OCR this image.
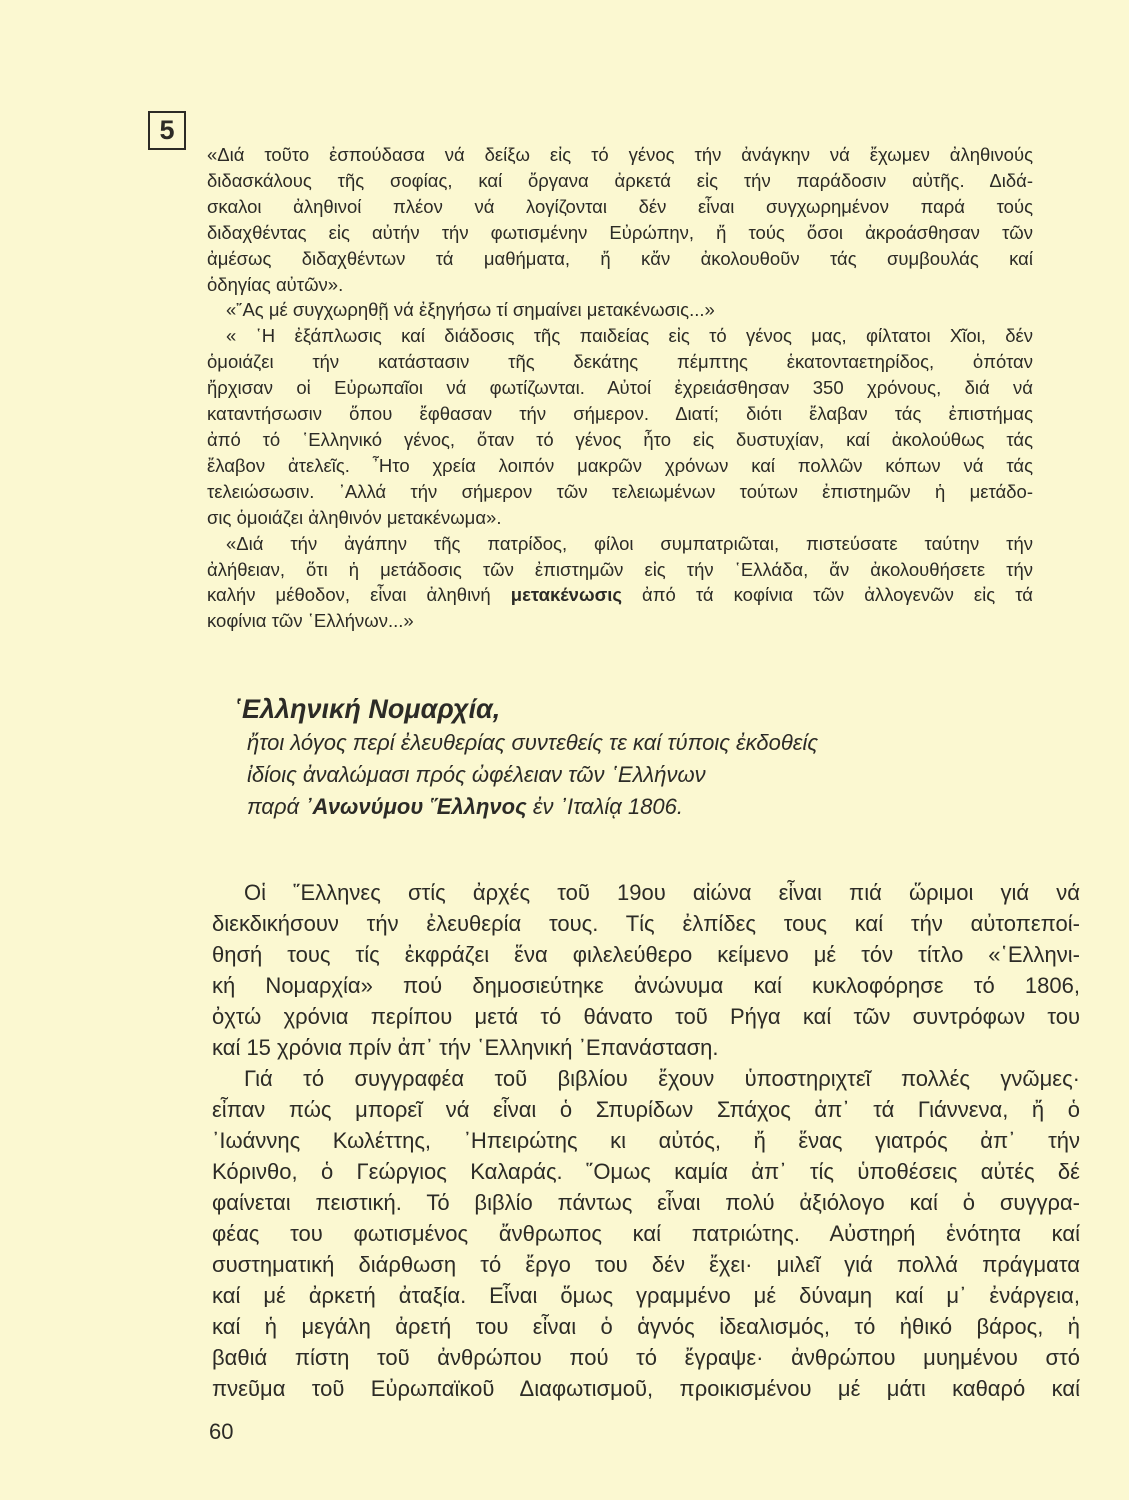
5
«Διά τοῦτο ἐσπούδασα νά δείξω εἰς τό γένος τήν ἀνάγκην νά ἔχωμεν ἀληθινούς
διδασκάλους τῆς σοφίας, καί ὄργανα ἀρκετά εἰς τήν παράδοσιν αὐτῆς. Διδά-
σκαλοι ἀληθινοί πλέον νά λογίζονται δέν εἶναι συγχωρημένον παρά τούς
διδαχθέντας εἰς αὐτήν τήν φωτισμένην Εὐρώπην, ἤ τούς ὅσοι ἀκροάσθησαν τῶν
ἀμέσως διδαχθέντων τά μαθήματα, ἤ κἄν ἀκολουθοῦν τάς συμβουλάς καί
ὁδηγίας αὐτῶν».
«῎Ας μέ συγχωρηθῇ νά ἐξηγήσω τί σημαίνει μετακένωσις...»
« ῾Η ἐξάπλωσις καί διάδοσις τῆς παιδείας εἰς τό γένος μας, φίλτατοι Χῖοι, δέν
ὁμοιάζει τήν κατάστασιν τῆς δεκάτης πέμπτης ἑκατονταετηρίδος, ὁπόταν
ἤρχισαν οἱ Εὐρωπαῖοι νά φωτίζωνται. Αὐτοί ἐχρειάσθησαν 350 χρόνους, διά νά
καταντήσωσιν ὅπου ἔφθασαν τήν σήμερον. Διατί; διότι ἔλαβαν τάς ἐπιστήμας
ἀπό τό ῾Ελληνικό γένος, ὅταν τό γένος ἦτο εἰς δυστυχίαν, καί ἀκολούθως τάς
ἔλαβον ἀτελεῖς. ῏Ητο χρεία λοιπόν μακρῶν χρόνων καί πολλῶν κόπων νά τάς
τελειώσωσιν. ᾽Αλλά τήν σήμερον τῶν τελειωμένων τούτων ἐπιστημῶν ἡ μετάδο-
σις ὁμοιάζει ἀληθινόν μετακένωμα».
«Διά τήν ἀγάπην τῆς πατρίδος, φίλοι συμπατριῶται, πιστεύσατε ταύτην τήν
ἀλήθειαν, ὅτι ἡ μετάδοσις τῶν ἐπιστημῶν εἰς τήν ῾Ελλάδα, ἄν ἀκολουθήσετε τήν
καλήν μέθοδον, εἶναι ἀληθινή μετακένωσις ἀπό τά κοφίνια τῶν ἀλλογενῶν εἰς τά
κοφίνια τῶν ῾Ελλήνων...»
῾Ελληνική Νομαρχία,
ἤτοι λόγος περί ἐλευθερίας συντεθείς τε καί τύποις ἐκδοθείς
ἰδίοις ἀναλώμασι πρός ὠφέλειαν τῶν ῾Ελλήνων
παρά ᾽Ανωνύμου ῞Ελληνος ἐν ᾽Ιταλίᾳ 1806.
Οἱ ῞Ελληνες στίς ἀρχές τοῦ 19ου αἰώνα εἶναι πιά ὥριμοι γιά νά
διεκδικήσουν τήν ἐλευθερία τους. Τίς ἐλπίδες τους καί τήν αὐτοπεποί-
θησή τους τίς ἐκφράζει ἕνα φιλελεύθερο κείμενο μέ τόν τίτλο «῾Ελληνι-
κή Νομαρχία» πού δημοσιεύτηκε ἀνώνυμα καί κυκλοφόρησε τό 1806,
ὀχτώ χρόνια περίπου μετά τό θάνατο τοῦ Ρήγα καί τῶν συντρόφων του
καί 15 χρόνια πρίν ἀπ᾽ τήν ῾Ελληνική ᾽Επανάσταση.
Γιά τό συγγραφέα τοῦ βιβλίου ἔχουν ὑποστηριχτεῖ πολλές γνῶμες·
εἶπαν πώς μπορεῖ νά εἶναι ὁ Σπυρίδων Σπάχος ἀπ᾽ τά Γιάννενα, ἤ ὁ
᾽Ιωάννης Κωλέττης, ᾽Ηπειρώτης κι αὐτός, ἤ ἕνας γιατρός ἀπ᾽ τήν
Κόρινθο, ὁ Γεώργιος Καλαράς. ῞Ομως καμία ἀπ᾽ τίς ὑποθέσεις αὐτές δέ
φαίνεται πειστική. Τό βιβλίο πάντως εἶναι πολύ ἀξιόλογο καί ὁ συγγρα-
φέας του φωτισμένος ἄνθρωπος καί πατριώτης. Αὐστηρή ἑνότητα καί
συστηματική διάρθωση τό ἔργο του δέν ἔχει· μιλεῖ γιά πολλά πράγματα
καί μέ ἀρκετή ἀταξία. Εἶναι ὅμως γραμμένο μέ δύναμη καί μ᾽ ἐνάργεια,
καί ἡ μεγάλη ἀρετή του εἶναι ὁ ἁγνός ἰδεαλισμός, τό ἠθικό βάρος, ἡ
βαθιά πίστη τοῦ ἀνθρώπου πού τό ἔγραψε· ἀνθρώπου μυημένου στό
πνεῦμα τοῦ Εὐρωπαϊκοῦ Διαφωτισμοῦ, προικισμένου μέ μάτι καθαρό καί
60
